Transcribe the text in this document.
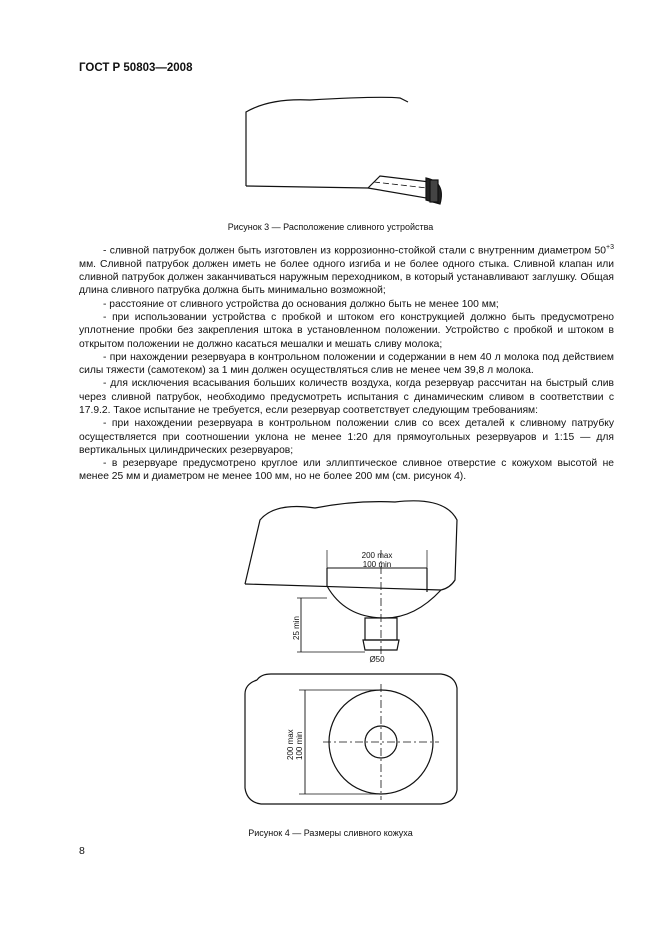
ГОСТ Р 50803—2008
Рисунок 3 — Расположение сливного устройства

- сливной патрубок должен быть изготовлен из коррозионно-стойкой стали с внутренним диаметром $50^{+3}$ мм. Сливной патрубок должен иметь не более одного изгиба и не более одного стыка. Сливной клапан или сливной патрубок должен заканчиваться наружным переходником, в который устанавливают заглушку. Общая длина сливного патрубка должна быть минимально возможной;

- расстояние от сливного устройства до основания должно быть не менее 100 мм;

- при использовании устройства с пробкой и штоком его конструкцией должно быть предусмотрено уплотнение пробки без закрепления штока в установленном положении. Устройство с пробкой и штоком в открытом положении не должно касаться мешалки и мешать сливу молока;

- при нахождении резервуара в контрольном положении и содержании в нем 40 л молока под действием силы тяжести (самотеком) за 1 мин должен осуществляться слив не менее чем 39,8 л молока.

- для исключения всасывания больших количеств воздуха, когда резервуар рассчитан на быстрый слив через сливной патрубок, необходимо предусмотреть испытания с динамическим сливом в соответствии с 17.9.2. Такое испытание не требуется, если резервуар соответствует следующим требованиям:

- при нахождении резервуара в контрольном положении слив со всех деталей к сливному патрубку осуществляется при соотношении уклона не менее 1:20 для прямоугольных резервуаров и 1:15 — для вертикальных цилиндрических резервуаров;

- в резервуаре предусмотрено круглое или эллиптическое сливное отверстие с кожухом высотой не менее 25 мм и диаметром не менее 100 мм, но не более 200 мм (см. рисунок 4).

200 max
100 min
25 min
Ø50
200 max 100 min
Рисунок 4 — Размеры сливного кожуха
8
